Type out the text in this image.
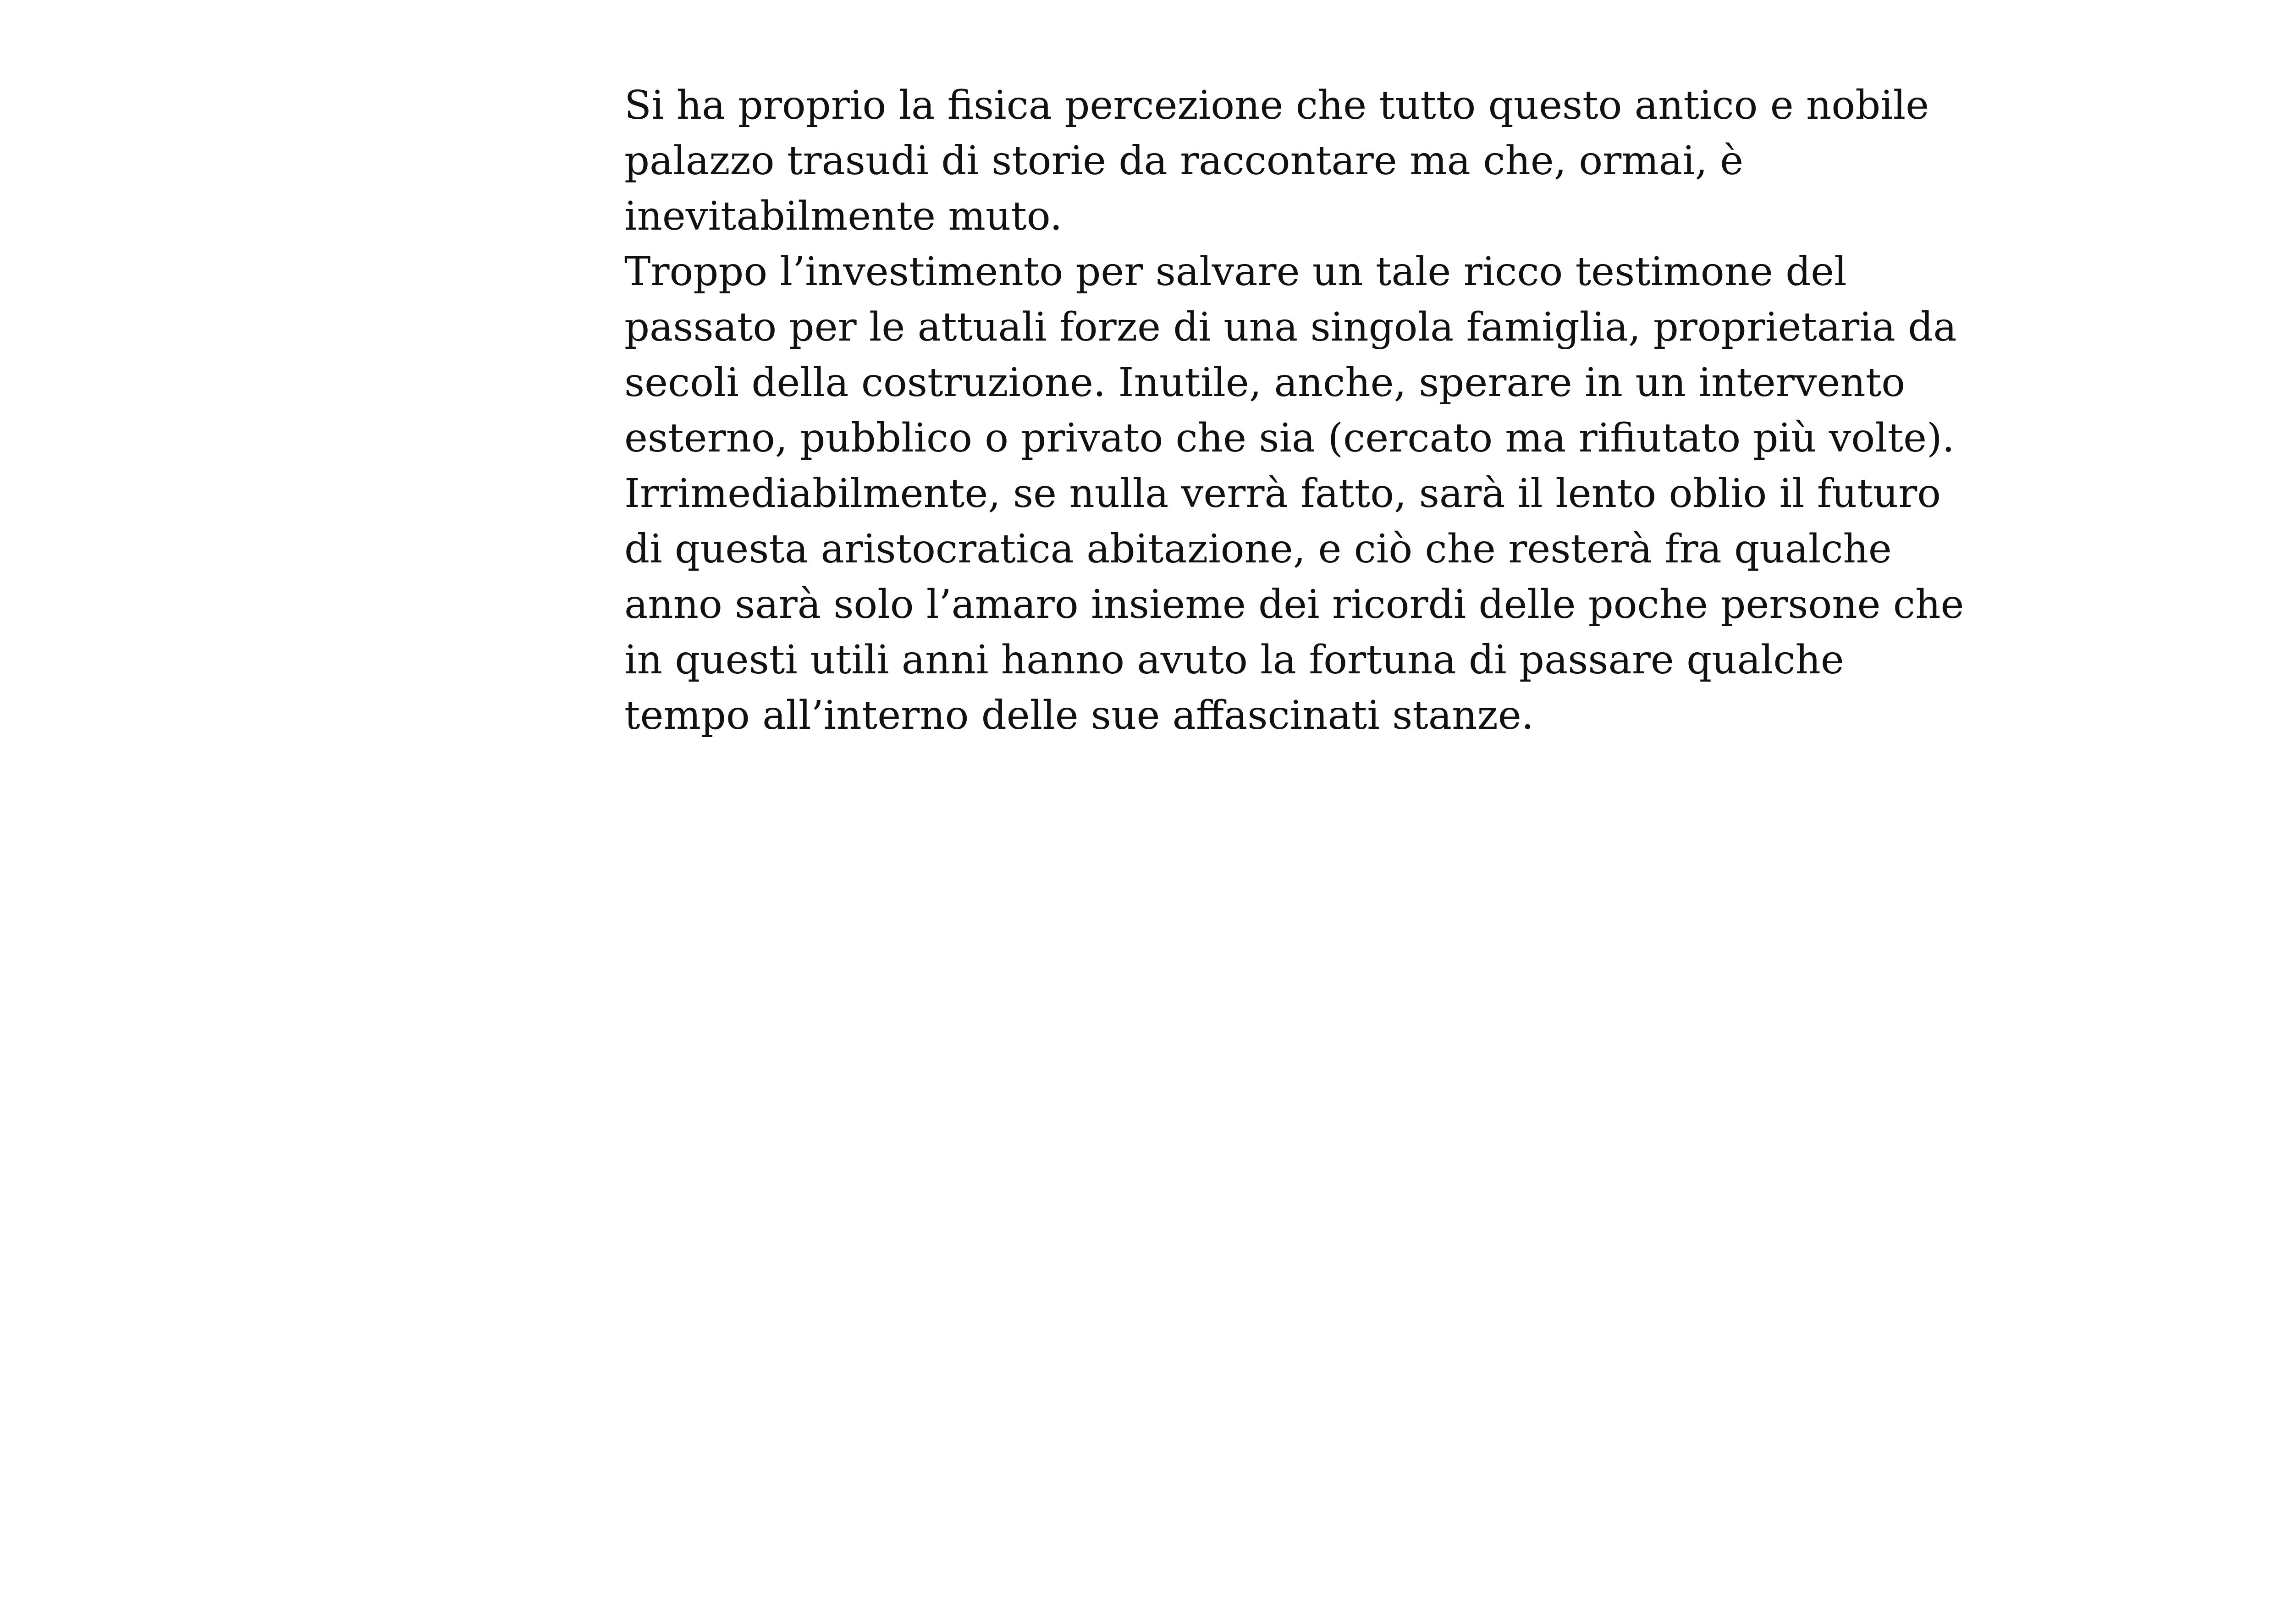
Si ha proprio la fisica percezione che tutto questo antico e nobile
palazzo trasudi di storie da raccontare ma che, ormai, è
inevitabilmente muto.
Troppo l’investimento per salvare un tale ricco testimone del
passato per le attuali forze di una singola famiglia, proprietaria da
secoli della costruzione. Inutile, anche, sperare in un intervento
esterno, pubblico o privato che sia (cercato ma rifiutato più volte).
Irrimediabilmente, se nulla verrà fatto, sarà il lento oblio il futuro
di questa aristocratica abitazione, e ciò che resterà fra qualche
anno sarà solo l’amaro insieme dei ricordi delle poche persone che
in questi utili anni hanno avuto la fortuna di passare qualche
tempo all’interno delle sue affascinati stanze.
